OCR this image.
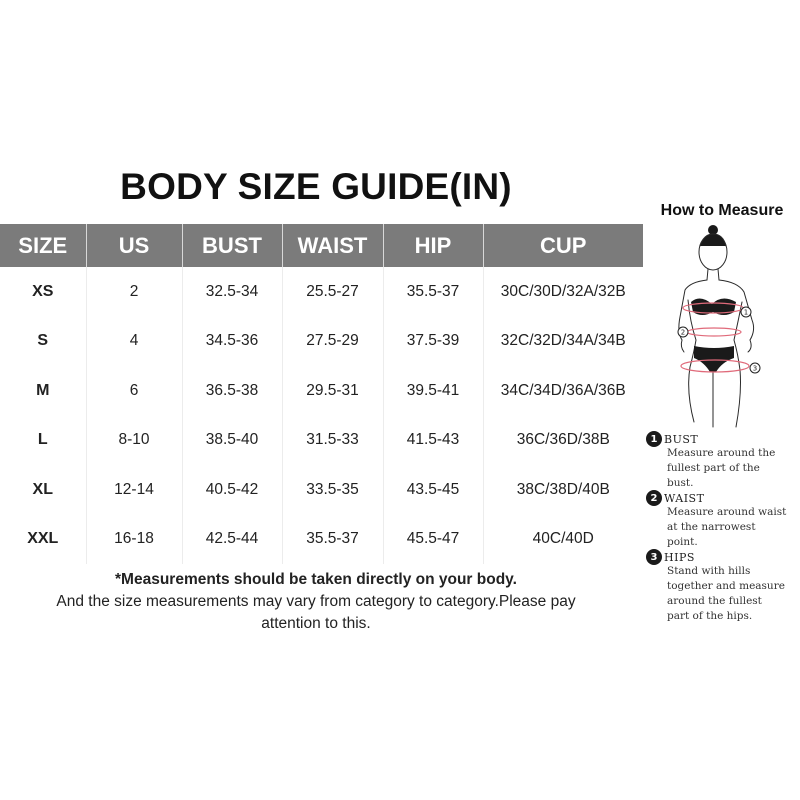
BODY SIZE GUIDE(IN)
SIZE	US	BUST	WAIST	HIP	CUP
XS	2	32.5-34	25.5-27	35.5-37	30C/30D/32A/32B
S	4	34.5-36	27.5-29	37.5-39	32C/32D/34A/34B
M	6	36.5-38	29.5-31	39.5-41	34C/34D/36A/36B
L	8-10	38.5-40	31.5-33	41.5-43	36C/36D/38B
XL	12-14	40.5-42	33.5-35	43.5-45	38C/38D/40B
XXL	16-18	42.5-44	35.5-37	45.5-47	40C/40D
*Measurements should be taken directly on your body.
And the size measurements may vary from category to category.Please pay
attention to this.
How to Measure
1
2
3
1 BUST
Measure around the
fullest part of the
bust.
2 WAIST
Measure around waist
at the narrowest
point.
3 HIPS
Stand with hills
together and measure
around the fullest
part of the hips.
